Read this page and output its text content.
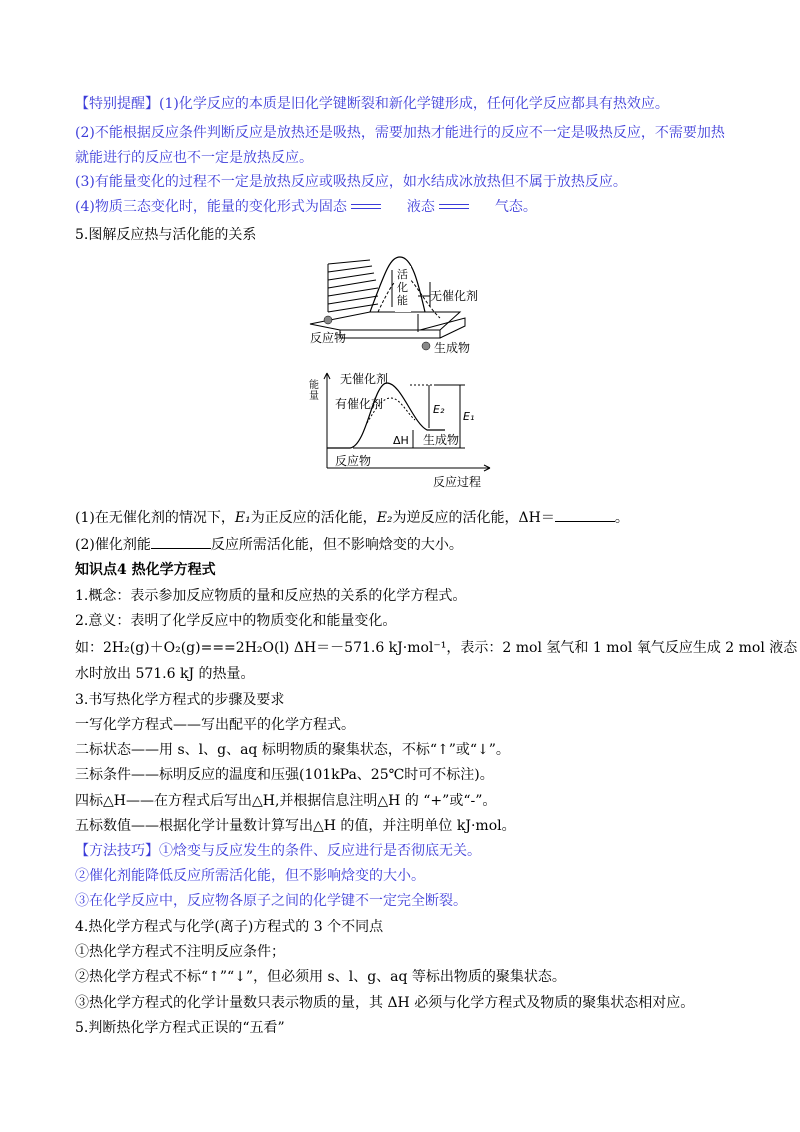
【特别提醒】(1)化学反应的本质是旧化学键断裂和新化学键形成，任何化学反应都具有热效应。
(2)不能根据反应条件判断反应是放热还是吸热，需要加热才能进行的反应不一定是吸热反应，不需要加热
就能进行的反应也不一定是放热反应。
(3)有能量变化的过程不一定是放热反应或吸热反应，如水结成冰放热但不属于放热反应。
(4)物质三态变化时，能量的变化形式为固态	液态	气态。
5.图解反应热与活化能的关系
活化能 无催化剂
反应物
生成物
能量
无催化剂
有催化剂	E₂
E₁
ΔH 生成物
反应物
反应过程
(1)在无催化剂的情况下，E₁为正反应的活化能，E₂为逆反应的活化能，ΔH＝	。
(2)催化剂能	反应所需活化能，但不影响焓变的大小。
知识点4 热化学方程式
1.概念：表示参加反应物质的量和反应热的关系的化学方程式。
2.意义：表明了化学反应中的物质变化和能量变化。
如：2H₂(g)＋O₂(g)===2H₂O(l) ΔH＝－571.6 kJ·mol⁻¹，表示：2 mol 氢气和 1 mol 氧气反应生成 2 mol 液态
水时放出 571.6 kJ 的热量。
3.书写热化学方程式的步骤及要求
一写化学方程式——写出配平的化学方程式。
二标状态——用 s、l、g、aq 标明物质的聚集状态，不标“↑”或“↓”。
三标条件——标明反应的温度和压强(101kPa、25℃时可不标注)。
四标△H——在方程式后写出△H,并根据信息注明△H 的 “+”或“-”。
五标数值——根据化学计量数计算写出△H 的值，并注明单位 kJ·mol。
【方法技巧】①焓变与反应发生的条件、反应进行是否彻底无关。
②催化剂能降低反应所需活化能，但不影响焓变的大小。
③在化学反应中，反应物各原子之间的化学键不一定完全断裂。
4.热化学方程式与化学(离子)方程式的 3 个不同点
①热化学方程式不注明反应条件；
②热化学方程式不标“↑”“↓”，但必须用 s、l、g、aq 等标出物质的聚集状态。
③热化学方程式的化学计量数只表示物质的量，其 ΔH 必须与化学方程式及物质的聚集状态相对应。
5.判断热化学方程式正误的“五看”
